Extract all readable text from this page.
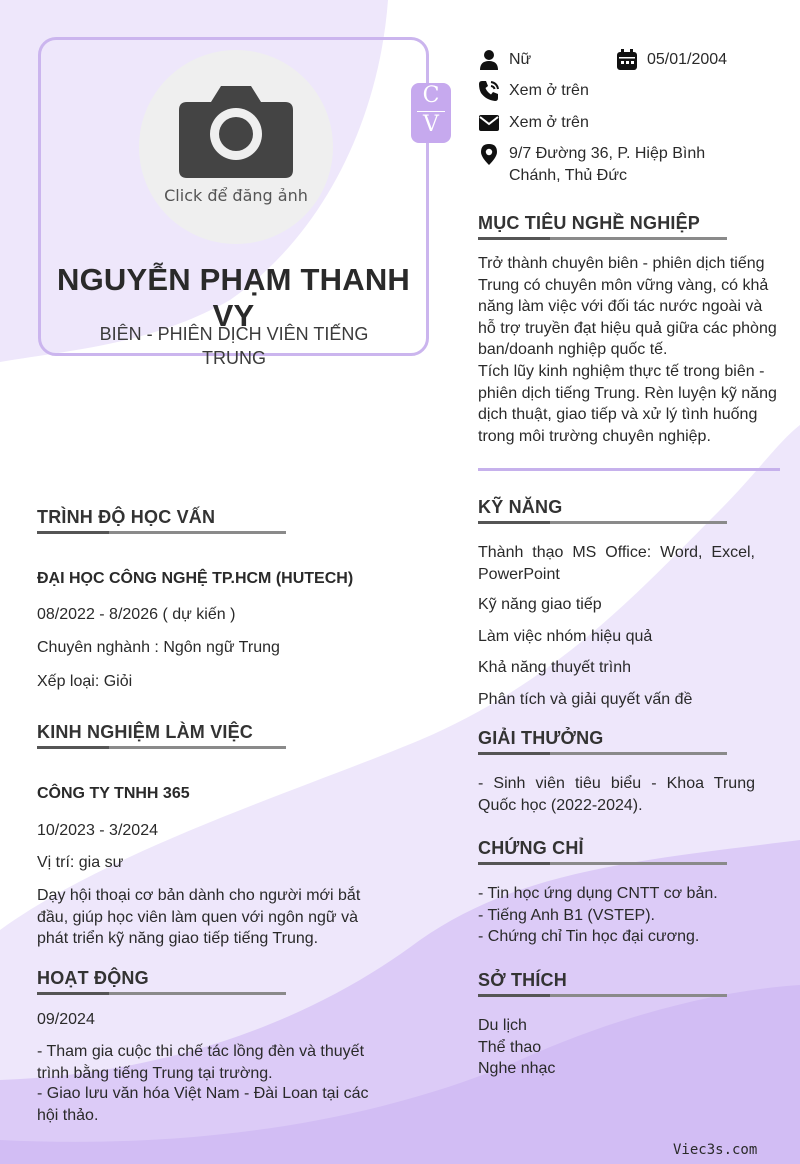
Click để đăng ảnh
C
V
NGUYỄN PHẠM THANH VY
BIÊN - PHIÊN DỊCH VIÊN TIẾNG TRUNG
Nữ	05/01/2004
Xem ở trên
Xem ở trên
9/7 Đường 36, P. Hiệp Bình Chánh, Thủ Đức
MỤC TIÊU NGHỀ NGHIỆP
Trở thành chuyên biên - phiên dịch tiếng Trung có chuyên môn vững vàng, có khả năng làm việc với đối tác nước ngoài và hỗ trợ truyền đạt hiệu quả giữa các phòng ban/doanh nghiệp quốc tế.
Tích lũy kinh nghiệm thực tế trong biên - phiên dịch tiếng Trung. Rèn luyện kỹ năng dịch thuật, giao tiếp và xử lý tình huống trong môi trường chuyên nghiệp.
TRÌNH ĐỘ HỌC VẤN
ĐẠI HỌC CÔNG NGHỆ TP.HCM (HUTECH)
08/2022 - 8/2026 ( dự kiến )
Chuyên nghành : Ngôn ngữ Trung
Xếp loại: Giỏi
KINH NGHIỆM LÀM VIỆC
CÔNG TY TNHH 365
10/2023 - 3/2024
Vị trí: gia sư
Dạy hội thoại cơ bản dành cho người mới bắt đầu, giúp học viên làm quen với ngôn ngữ và phát triển kỹ năng giao tiếp tiếng Trung.
HOẠT ĐỘNG
09/2024
- Tham gia cuộc thi chế tác lồng đèn và thuyết trình bằng tiếng Trung tại trường.
- Giao lưu văn hóa Việt Nam - Đài Loan tại các hội thảo.
KỸ NĂNG
Thành thạo MS Office: Word, Excel, PowerPoint
Kỹ năng giao tiếp
Làm việc nhóm hiệu quả
Khả năng thuyết trình
Phân tích và giải quyết vấn đề
GIẢI THƯỞNG
- Sinh viên tiêu biểu - Khoa Trung Quốc học (2022-2024).
CHỨNG CHỈ
- Tin học ứng dụng CNTT cơ bản.
- Tiếng Anh B1 (VSTEP).
- Chứng chỉ Tin học đại cương.
SỞ THÍCH
Du lịch
Thể thao
Nghe nhạc
Viec3s.com
